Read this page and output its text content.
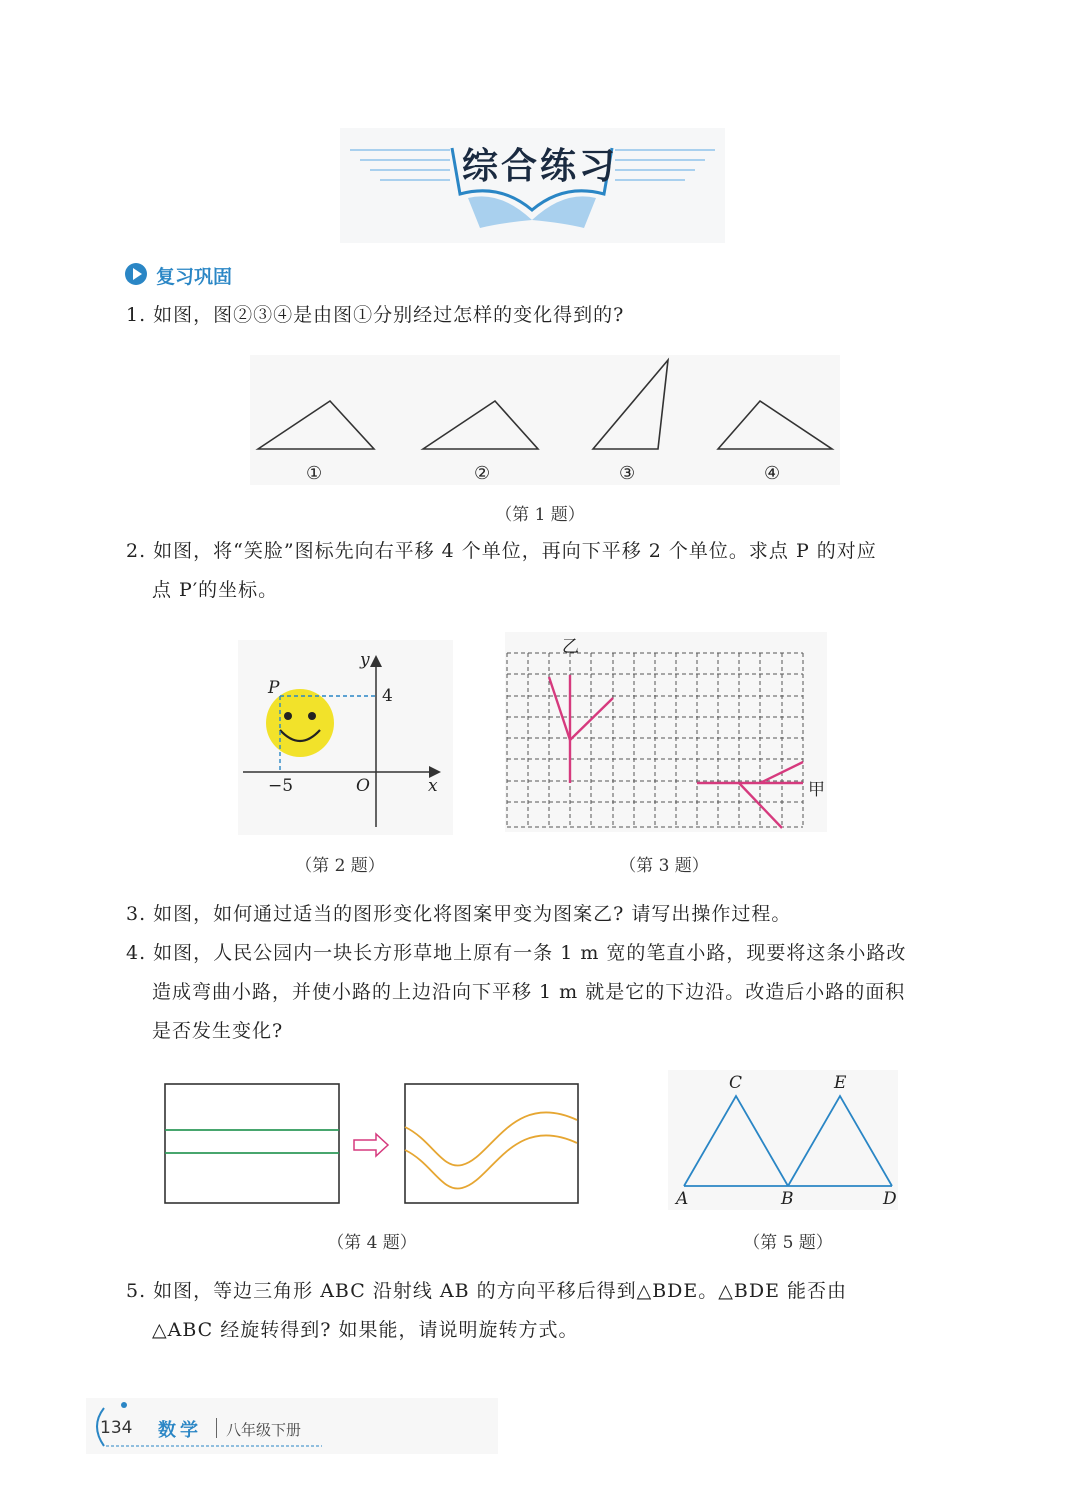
综合练习
复习巩固
1. 如图，图②③④是由图①分别经过怎样的变化得到的?
①	②	③	④
（第 1 题）
2. 如图，将“笑脸”图标先向右平移 4 个单位，再向下平移 2 个单位。求点 P 的对应
点 P′的坐标。
y
x
O
P	4
−5
（第 2 题）
乙
甲
（第 3 题）
3. 如图，如何通过适当的图形变化将图案甲变为图案乙? 请写出操作过程。
4. 如图，人民公园内一块长方形草地上原有一条 1 m 宽的笔直小路，现要将这条小路改
造成弯曲小路，并使小路的上边沿向下平移 1 m 就是它的下边沿。改造后小路的面积
是否发生变化?
（第 4 题）
A	B	D
C	E
（第 5 题）
5. 如图，等边三角形 ABC 沿射线 AB 的方向平移后得到△BDE。△BDE 能否由
△ABC 经旋转得到? 如果能，请说明旋转方式。
134 数学 八年级下册
